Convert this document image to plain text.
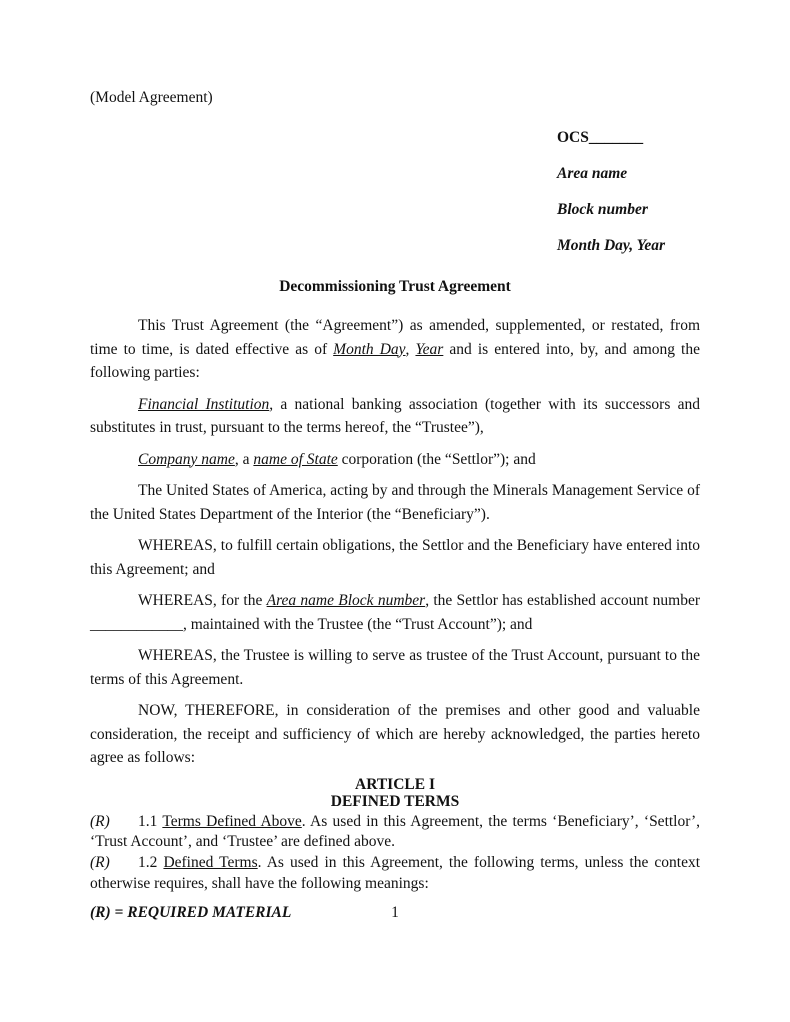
(Model Agreement)

OCS_______

Area name

Block number

Month Day, Year

Decommissioning Trust Agreement

This Trust Agreement (the “Agreement”) as amended, supplemented, or restated, from time to time, is dated effective as of Month Day, Year and is entered into, by, and among the following parties:

Financial Institution, a national banking association (together with its successors and substitutes in trust, pursuant to the terms hereof, the “Trustee”),

Company name, a name of State corporation (the “Settlor”); and

The United States of America, acting by and through the Minerals Management Service of the United States Department of the Interior (the “Beneficiary”).

WHEREAS, to fulfill certain obligations, the Settlor and the Beneficiary have entered into this Agreement; and

WHEREAS, for the Area name Block number, the Settlor has established account number ____________, maintained with the Trustee (the “Trust Account”); and

WHEREAS, the Trustee is willing to serve as trustee of the Trust Account, pursuant to the terms of this Agreement.

NOW, THEREFORE, in consideration of the premises and other good and valuable consideration, the receipt and sufficiency of which are hereby acknowledged, the parties hereto agree as follows:

ARTICLE I

DEFINED TERMS

(R) 1.1 Terms Defined Above. As used in this Agreement, the terms ‘Beneficiary’, ‘Settlor’, ‘Trust Account’, and ‘Trustee’ are defined above.

(R) 1.2 Defined Terms. As used in this Agreement, the following terms, unless the context otherwise requires, shall have the following meanings:

(R) = REQUIRED MATERIAL	1
